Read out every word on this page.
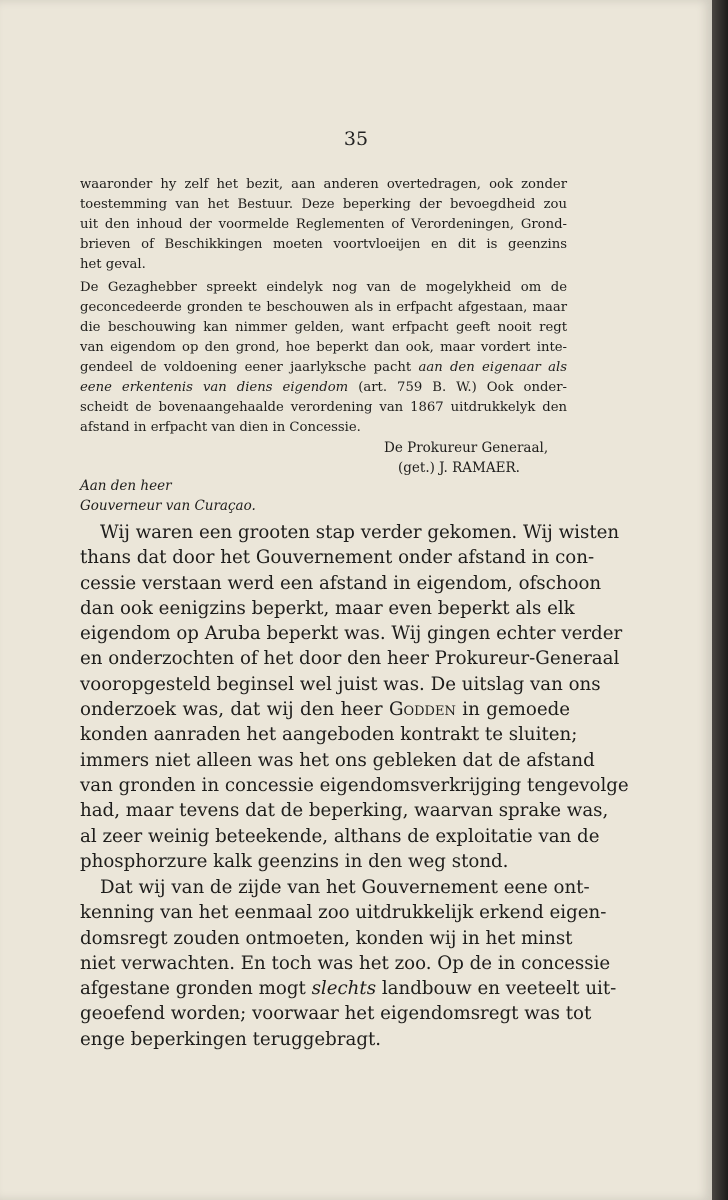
35

waaronder hy zelf het bezit, aan anderen overtedragen, ook zonder
toestemming van het Bestuur. Deze beperking der bevoegdheid zou
uit den inhoud der voormelde Reglementen of Verordeningen, Grond-
brieven of Beschikkingen moeten voortvloeijen en dit is geenzins
het geval.

De Gezaghebber spreekt eindelyk nog van de mogelykheid om de
geconcedeerde gronden te beschouwen als in erfpacht afgestaan, maar
die beschouwing kan nimmer gelden, want erfpacht geeft nooit regt
van eigendom op den grond, hoe beperkt dan ook, maar vordert inte-
gendeel de voldoening eener jaarlyksche pacht aan den eigenaar als
eene erkentenis van diens eigendom (art. 759 B. W.) Ook onder-
scheidt de bovenaangehaalde verordening van 1867 uitdrukkelyk den
afstand in erfpacht van dien in Concessie.

De Prokureur Generaal,
(get.) J. RAMAER.
Aan den heer
Gouverneur van Curaçao.

Wij waren een grooten stap verder gekomen. Wij wisten
thans dat door het Gouvernement onder afstand in con-
cessie verstaan werd een afstand in eigendom, ofschoon
dan ook eenigzins beperkt, maar even beperkt als elk
eigendom op Aruba beperkt was. Wij gingen echter verder
en onderzochten of het door den heer Prokureur-Generaal
vooropgesteld beginsel wel juist was. De uitslag van ons
onderzoek was, dat wij den heer Godden in gemoede
konden aanraden het aangeboden kontrakt te sluiten;
immers niet alleen was het ons gebleken dat de afstand
van gronden in concessie eigendomsverkrijging tengevolge
had, maar tevens dat de beperking, waarvan sprake was,
al zeer weinig beteekende, althans de exploitatie van de
phosphorzure kalk geenzins in den weg stond.

Dat wij van de zijde van het Gouvernement eene ont-
kenning van het eenmaal zoo uitdrukkelijk erkend eigen-
domsregt zouden ontmoeten, konden wij in het minst
niet verwachten. En toch was het zoo. Op de in concessie
afgestane gronden mogt slechts landbouw en veeteelt uit-
geoefend worden; voorwaar het eigendomsregt was tot
enge beperkingen teruggebragt.
